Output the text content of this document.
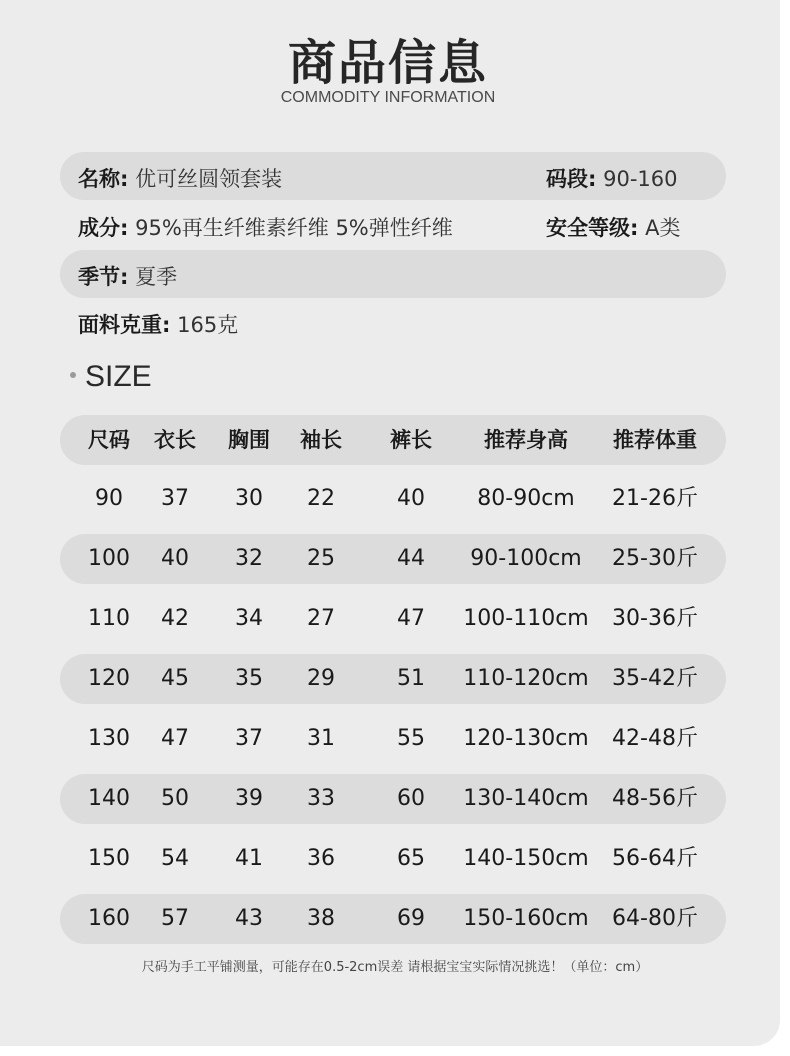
商品信息
COMMODITY INFORMATION
名称: 优可丝圆领套装	码段: 90-160
成分: 95%再生纤维素纤维 5%弹性纤维	安全等级: A类
季节: 夏季
面料克重: 165克
SIZE
尺码 衣长 胸围 袖长 裤长 推荐身高 推荐体重
90 37 30 22	40 80-90cm 21-26斤
100 40 32 25	44 90-100cm 25-30斤
110 42 34 27	47 100-110cm 30-36斤
120 45 35 29	51 110-120cm 35-42斤
130 47 37 31	55 120-130cm 42-48斤
140 50 39 33	60 130-140cm 48-56斤
150 54 41 36	65 140-150cm 56-64斤
160 57 43 38	69 150-160cm 64-80斤
尺码为手工平铺测量，可能存在0.5-2cm误差 请根据宝宝实际情况挑选！（单位：cm）
